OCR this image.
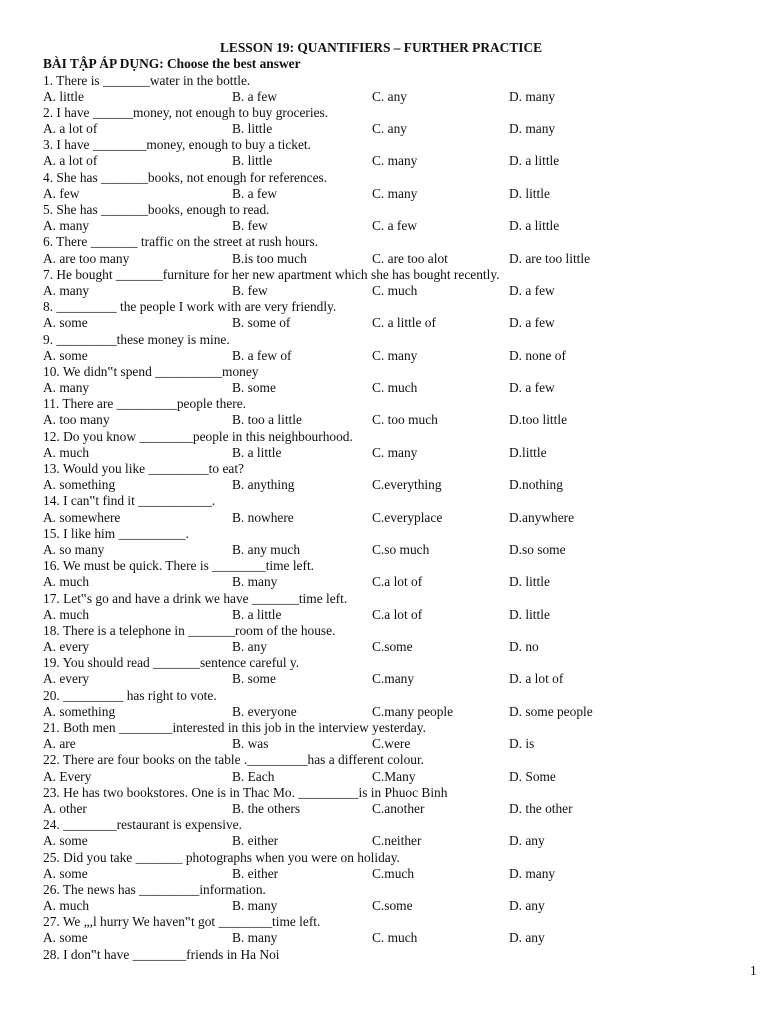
LESSON 19: QUANTIFIERS – FURTHER PRACTICE
BÀI TẬP ÁP DỤNG: Choose the best answer
1. There is _______water in the bottle.
A. little	B. a few	C. any	D. many
2. I have ______money, not enough to buy groceries.
A. a lot of	B. little	C. any	D. many
3. I have ________money, enough to buy a ticket.
A. a lot of	B. little	C. many	D. a little
4. She has _______books, not enough for references.
A. few	B. a few	C. many	D. little
5. She has _______books, enough to read.
A. many	B. few	C. a few	D. a little
6. There _______ traffic on the street at rush hours.
A. are too many	B.is too much	C. are too alot	D. are too little
7. He bought _______furniture for her new apartment which she has bought recently.
A. many	B. few	C. much	D. a few
8. _________ the people I work with are very friendly.
A. some	B. some of	C. a little of	D. a few
9. _________these money is mine.
A. some	B. a few of	C. many	D. none of
10. We didn‟t spend __________money
A. many	B. some	C. much	D. a few
11. There are _________people there.
A. too many	B. too a little	C. too much	D.too little
12. Do you know ________people in this neighbourhood.
A. much	B. a little	C. many	D.little
13. Would you like _________to eat?
A. something	B. anything	C.everything	D.nothing
14. I can‟t find it ___________.
A. somewhere	B. nowhere	C.everyplace	D.anywhere
15. I like him __________.
A. so many	B. any much	C.so much	D.so some
16. We must be quick. There is ________time left.
A. much	B. many	C.a lot of	D. little
17. Let‟s go and have a drink we have _______time left.
A. much	B. a little	C.a lot of	D. little
18. There is a telephone in _______room of the house.
A. every	B. any	C.some	D. no
19. You should read _______sentence careful y.
A. every	B. some	C.many	D. a lot of
20. _________ has right to vote.
A. something	B. everyone	C.many people	D. some people
21. Both men ________interested in this job in the interview yesterday.
A. are	B. was	C.were	D. is
22. There are four books on the table ._________has a different colour.
A. Every	B. Each	C.Many	D. Some
23. He has two bookstores. One is in Thac Mo. _________is in Phuoc Binh
A. other	B. the others	C.another	D. the other
24. ________restaurant is expensive.
A. some	B. either	C.neither	D. any
25. Did you take _______ photographs when you were on holiday.
A. some	B. either	C.much	D. many
26. The news has _________information.
A. much	B. many	C.some	D. any
27. We „,l hurry We haven‟t got ________time left.
A. some	B. many	C. much	D. any
28. I don‟t have ________friends in Ha Noi
1
